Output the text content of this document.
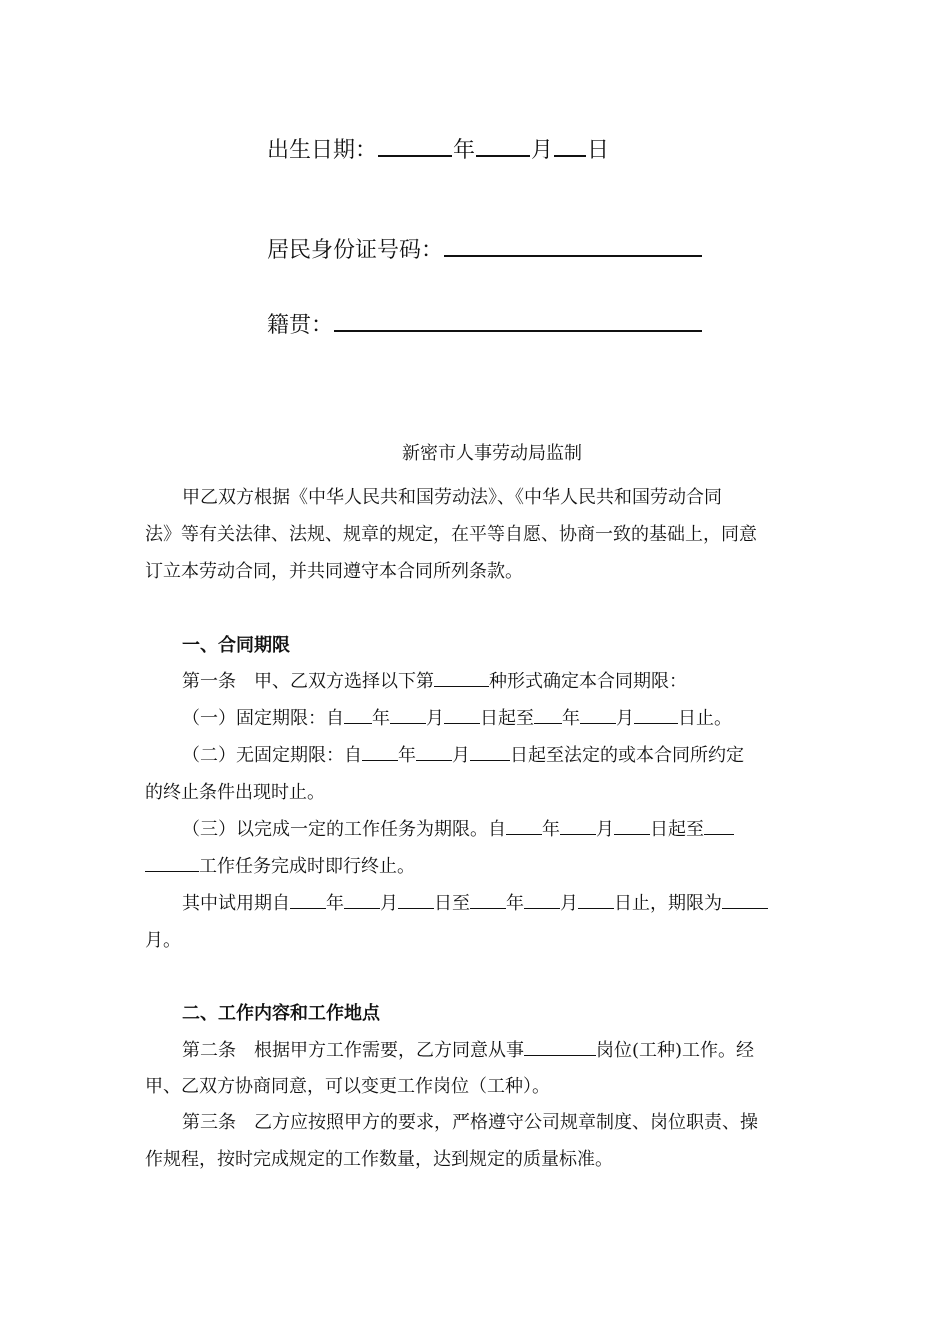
出生日期：	年	月 日
居民身份证号码：
籍贯：
新密市人事劳动局监制
甲乙双方根据《中华人民共和国劳动法》、《中华人民共和国劳动合同
法》等有关法律、法规、规章的规定，在平等自愿、协商一致的基础上，同意
订立本劳动合同，并共同遵守本合同所列条款。
一、合同期限
第一条　甲、乙双方选择以下第	种形式确定本合同期限：
（一）固定期限：自 年 月 日起至 年 月 日止。
（二）无固定期限：自 年 月 日起至法定的或本合同所约定
的终止条件出现时止。
（三）以完成一定的工作任务为期限。自 年 月 日起至
工作任务完成时即行终止。
其中试用期自 年 月 日至 年 月 日止，期限为
月。
二、工作内容和工作地点
第二条　根据甲方工作需要，乙方同意从事	岗位(工种)工作。经
甲、乙双方协商同意，可以变更工作岗位（工种）。
第三条　乙方应按照甲方的要求，严格遵守公司规章制度、岗位职责、操
作规程，按时完成规定的工作数量，达到规定的质量标准。
